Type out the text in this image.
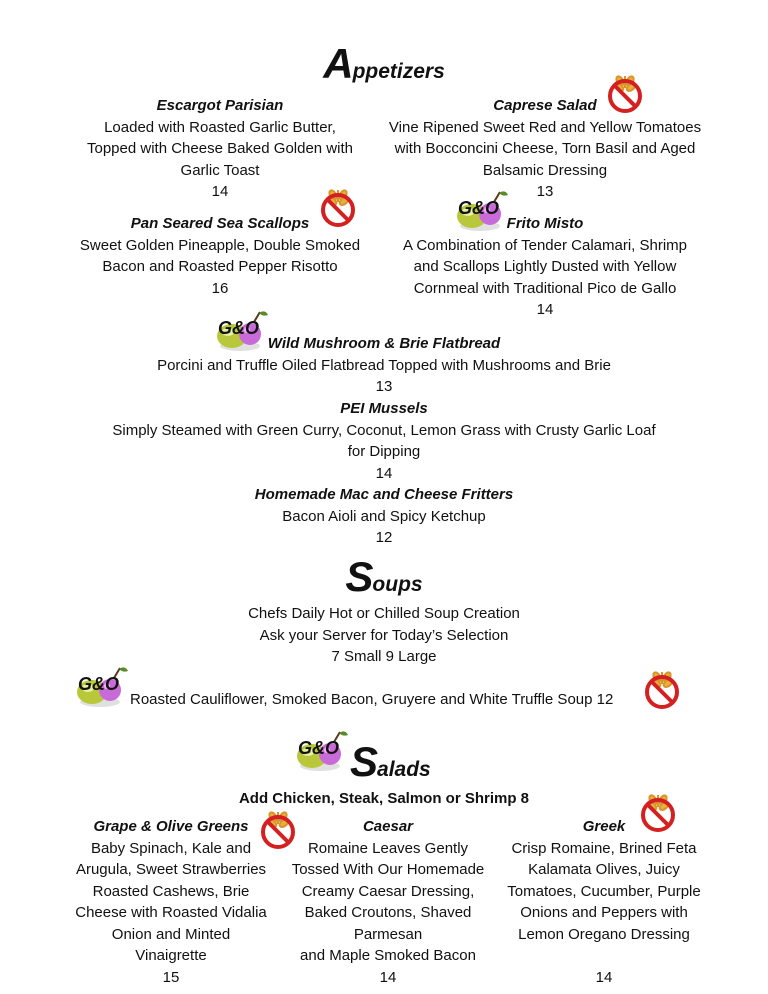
Appetizers
Escargot Parisian
Loaded with Roasted Garlic Butter,
Topped with Cheese Baked Golden with
Garlic Toast
14
Caprese Salad
Vine Ripened Sweet Red and Yellow Tomatoes
with Bocconcini Cheese, Torn Basil and Aged
Balsamic Dressing
13
Pan Seared Sea Scallops
Sweet Golden Pineapple, Double Smoked
Bacon and Roasted Pepper Risotto
16
Frito Misto
A Combination of Tender Calamari, Shrimp
and Scallops Lightly Dusted with Yellow
Cornmeal with Traditional Pico de Gallo
14
Wild Mushroom & Brie Flatbread
Porcini and Truffle Oiled Flatbread Topped with Mushrooms and Brie
13
PEI Mussels
Simply Steamed with Green Curry, Coconut, Lemon Grass with Crusty Garlic Loaf
for Dipping
14
Homemade Mac and Cheese Fritters
Bacon Aioli and Spicy Ketchup
12
Soups
Chefs Daily Hot or Chilled Soup Creation
Ask your Server for Today’s Selection
7 Small 9 Large
Roasted Cauliflower, Smoked Bacon, Gruyere and White Truffle Soup 12
Salads
Add Chicken, Steak, Salmon or Shrimp 8
Grape & Olive Greens
Baby Spinach, Kale and
Arugula, Sweet Strawberries
Roasted Cashews, Brie
Cheese with Roasted Vidalia
Onion and Minted
Vinaigrette
15
Caesar
Romaine Leaves Gently
Tossed With Our Homemade
Creamy Caesar Dressing,
Baked Croutons, Shaved
Parmesan
and Maple Smoked Bacon
14
Greek
Crisp Romaine, Brined Feta
Kalamata Olives, Juicy
Tomatoes, Cucumber, Purple
Onions and Peppers with
Lemon Oregano Dressing
14
